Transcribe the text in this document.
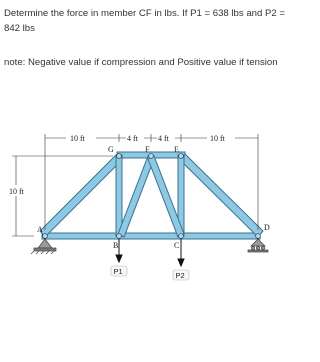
Determine the force in member CF in lbs. If P1 = 638 lbs and P2 = 842 lbs
note: Negative value if compression and Positive value if tension
A
B	C
D
G	F	E
10 ft	4 ft	4 ft	10 ft
10 ft
P1	P2
